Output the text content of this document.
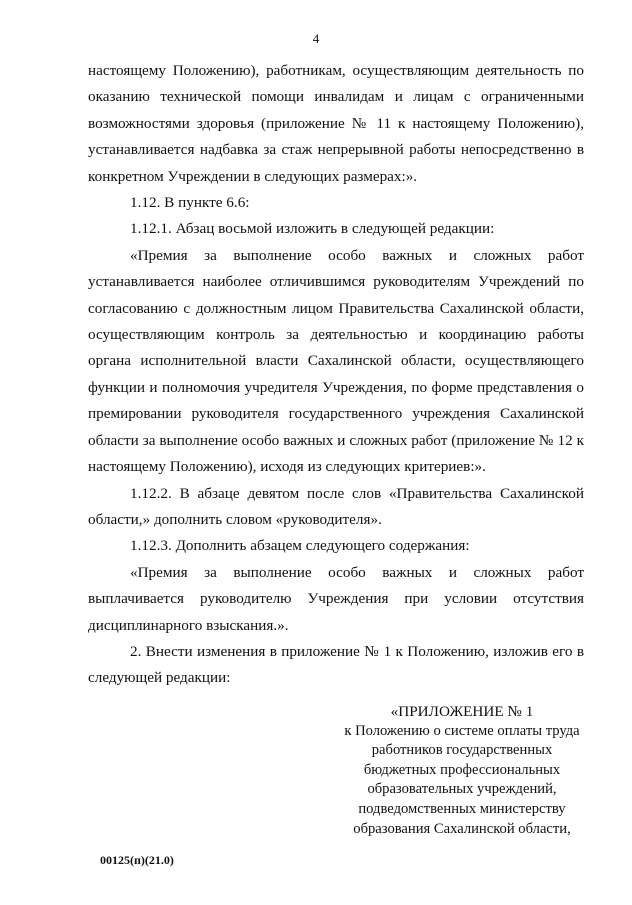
4

настоящему Положению), работникам, осуществляющим деятельность по оказанию технической помощи инвалидам и лицам с ограниченными возможностями здоровья (приложение № 11 к настоящему Положению), устанавливается надбавка за стаж непрерывной работы непосредственно в конкретном Учреждении в следующих размерах:».

1.12. В пункте 6.6:

1.12.1. Абзац восьмой изложить в следующей редакции:

«Премия за выполнение особо важных и сложных работ устанавливается наиболее отличившимся руководителям Учреждений по согласованию с должностным лицом Правительства Сахалинской области, осуществляющим контроль за деятельностью и координацию работы органа исполнительной власти Сахалинской области, осуществляющего функции и полномочия учредителя Учреждения, по форме представления о премировании руководителя государственного учреждения Сахалинской области за выполнение особо важных и сложных работ (приложение № 12 к настоящему Положению), исходя из следующих критериев:».

1.12.2. В абзаце девятом после слов «Правительства Сахалинской области,» дополнить словом «руководителя».

1.12.3. Дополнить абзацем следующего содержания:

«Премия за выполнение особо важных и сложных работ выплачивается руководителю Учреждения при условии отсутствия дисциплинарного взыскания.».

2. Внести изменения в приложение № 1 к Положению, изложив его в следующей редакции:

«ПРИЛОЖЕНИЕ № 1
к Положению о системе оплаты труда
работников государственных
бюджетных профессиональных
образовательных учреждений,
подведомственных министерству
образования Сахалинской области,
00125(п)(21.0)
